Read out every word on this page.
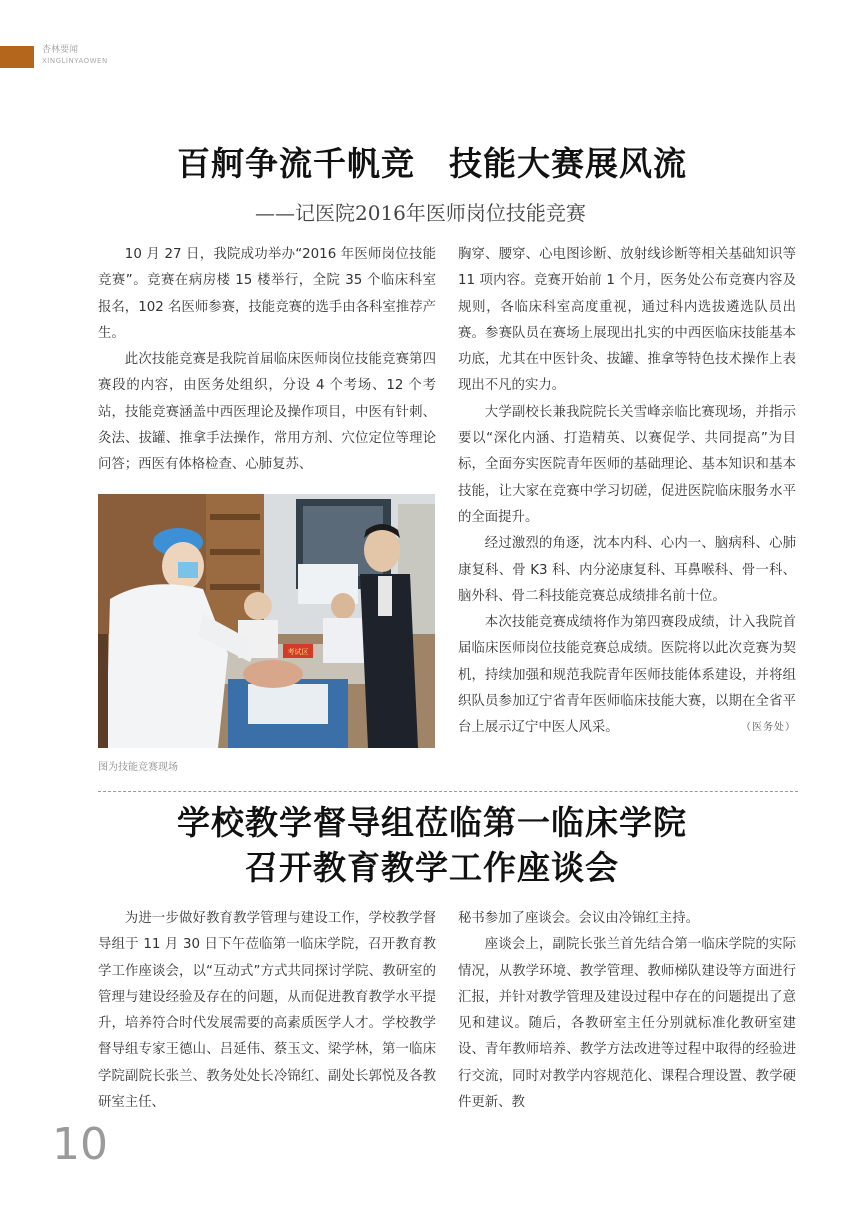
杏林要闻
XINGLINYAOWEN
百舸争流千帆竞　技能大赛展风流
——记医院2016年医师岗位技能竞赛

10 月 27 日，我院成功举办“2016 年医师岗位技能竞赛”。竞赛在病房楼 15 楼举行，全院 35 个临床科室报名，102 名医师参赛，技能竞赛的选手由各科室推荐产生。

此次技能竞赛是我院首届临床医师岗位技能竞赛第四赛段的内容，由医务处组织，分设 4 个考场、12 个考站，技能竞赛涵盖中西医理论及操作项目，中医有针刺、灸法、拔罐、推拿手法操作，常用方剂、穴位定位等理论问答；西医有体格检查、心肺复苏、

考试区
图为技能竞赛现场

胸穿、腰穿、心电图诊断、放射线诊断等相关基础知识等 11 项内容。竞赛开始前 1 个月，医务处公布竞赛内容及规则，各临床科室高度重视，通过科内选拔遴选队员出赛。参赛队员在赛场上展现出扎实的中西医临床技能基本功底，尤其在中医针灸、拔罐、推拿等特色技术操作上表现出不凡的实力。

大学副校长兼我院院长关雪峰亲临比赛现场，并指示要以“深化内涵、打造精英、以赛促学、共同提高”为目标，全面夯实医院青年医师的基础理论、基本知识和基本技能，让大家在竞赛中学习切磋，促进医院临床服务水平的全面提升。

经过激烈的角逐，沈本内科、心内一、脑病科、心肺康复科、骨 K3 科、内分泌康复科、耳鼻喉科、骨一科、脑外科、骨二科技能竞赛总成绩排名前十位。

本次技能竞赛成绩将作为第四赛段成绩，计入我院首届临床医师岗位技能竞赛总成绩。医院将以此次竞赛为契机，持续加强和规范我院青年医师技能体系建设，并将组织队员参加辽宁省青年医师临床技能大赛，以期在全省平台上展示辽宁中医人风采。	（医务处）

学校教学督导组莅临第一临床学院
召开教育教学工作座谈会

为进一步做好教育教学管理与建设工作，学校教学督导组于 11 月 30 日下午莅临第一临床学院，召开教育教学工作座谈会，以“互动式”方式共同探讨学院、教研室的管理与建设经验及存在的问题，从而促进教育教学水平提升，培养符合时代发展需要的高素质医学人才。学校教学督导组专家王德山、吕延伟、蔡玉文、梁学林，第一临床学院副院长张兰、教务处处长冷锦红、副处长郭悦及各教研室主任、

秘书参加了座谈会。会议由冷锦红主持。

座谈会上，副院长张兰首先结合第一临床学院的实际情况，从教学环境、教学管理、教师梯队建设等方面进行汇报，并针对教学管理及建设过程中存在的问题提出了意见和建议。随后，各教研室主任分别就标准化教研室建设、青年教师培养、教学方法改进等过程中取得的经验进行交流，同时对教学内容规范化、课程合理设置、教学硬件更新、教

10
